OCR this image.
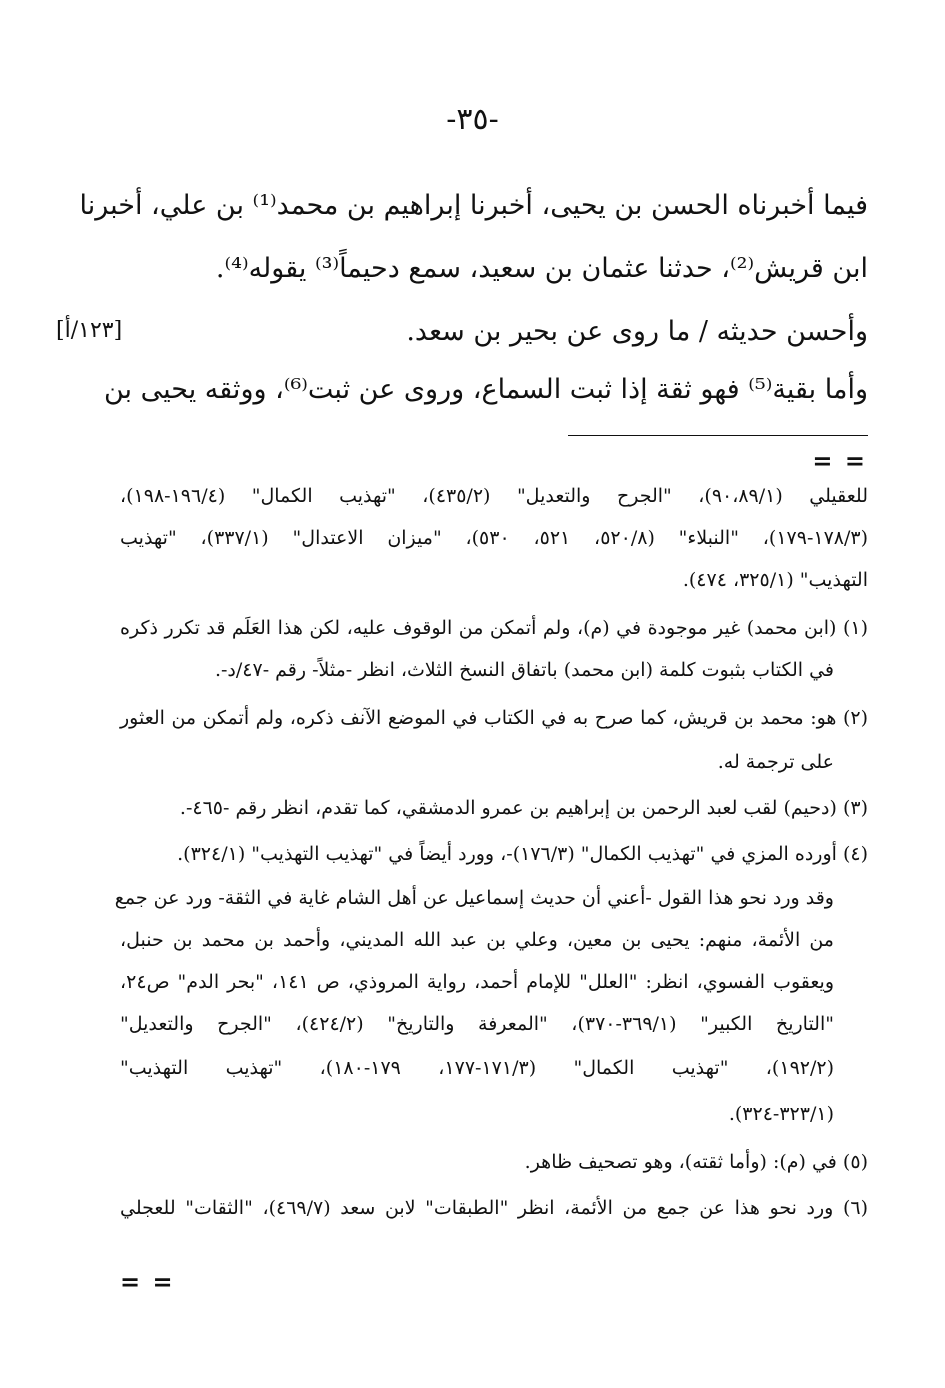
-٣٥-
فيما أخبرناه الحسن بن يحيى، أخبرنا إبراهيم بن محمد⁽¹⁾ بن علي، أخبرنا
ابن قريش⁽²⁾، حدثنا عثمان بن سعيد، سمع دحيماً⁽³⁾ يقوله⁽⁴⁾.
وأحسن حديثه / ما روى عن بحير بن سعد.
وأما بقية⁽⁵⁾ فهو ثقة إذا ثبت السماع، وروى عن ثبت⁽⁶⁾، ووثقه يحيى بن
[١٢٣/أ]
= =
للعقيلي (٩٠،٨٩/١)، "الجرح والتعديل" (٤٣٥/٢)، "تهذيب الكمال" (١٩٦/٤-١٩٨)،
(١٧٨/٣-١٧٩)، "النبلاء" (٥٢٠/٨، ٥٢١، ٥٣٠)، "ميزان الاعتدال" (٣٣٧/١)، "تهذيب
التهذيب" (٣٢٥/١، ٤٧٤).
(١) (ابن محمد) غير موجودة في (م)، ولم أتمكن من الوقوف عليه، لكن هذا العَلَم قد تكرر ذكره
في الكتاب بثبوت كلمة (ابن محمد) باتفاق النسخ الثلاث، انظر -مثلاً- رقم -٤٧/د-.
(٢) هو: محمد بن قريش، كما صرح به في الكتاب في الموضع الآنف ذكره، ولم أتمكن من العثور
على ترجمة له.
(٣) (دحيم) لقب لعبد الرحمن بن إبراهيم بن عمرو الدمشقي، كما تقدم، انظر رقم -٤٦٥-.
(٤) أورده المزي في "تهذيب الكمال" (١٧٦/٣)-، وورد أيضاً في "تهذيب التهذيب" (٣٢٤/١).
وقد ورد نحو هذا القول -أعني أن حديث إسماعيل عن أهل الشام غاية في الثقة- ورد عن جمع
من الأئمة، منهم: يحيى بن معين، وعلي بن عبد الله المديني، وأحمد بن محمد بن حنبل،
ويعقوب الفسوي، انظر: "العلل" للإمام أحمد، رواية المروذي، ص ١٤١، "بحر الدم" ص٢٤،
"التاريخ الكبير" (٣٦٩/١-٣٧٠)، "المعرفة والتاريخ" (٤٢٤/٢)، "الجرح والتعديل"
(١٩٢/٢)، "تهذيب الكمال" (١٧١/٣-١٧٧، ١٧٩-١٨٠)، "تهذيب التهذيب"
(٣٢٣/١-٣٢٤).
(٥) في (م): (وأما ثقته)، وهو تصحيف ظاهر.
(٦) ورد نحو هذا عن جمع من الأئمة، انظر "الطبقات" لابن سعد (٤٦٩/٧)، "الثقات" للعجلي
= =
